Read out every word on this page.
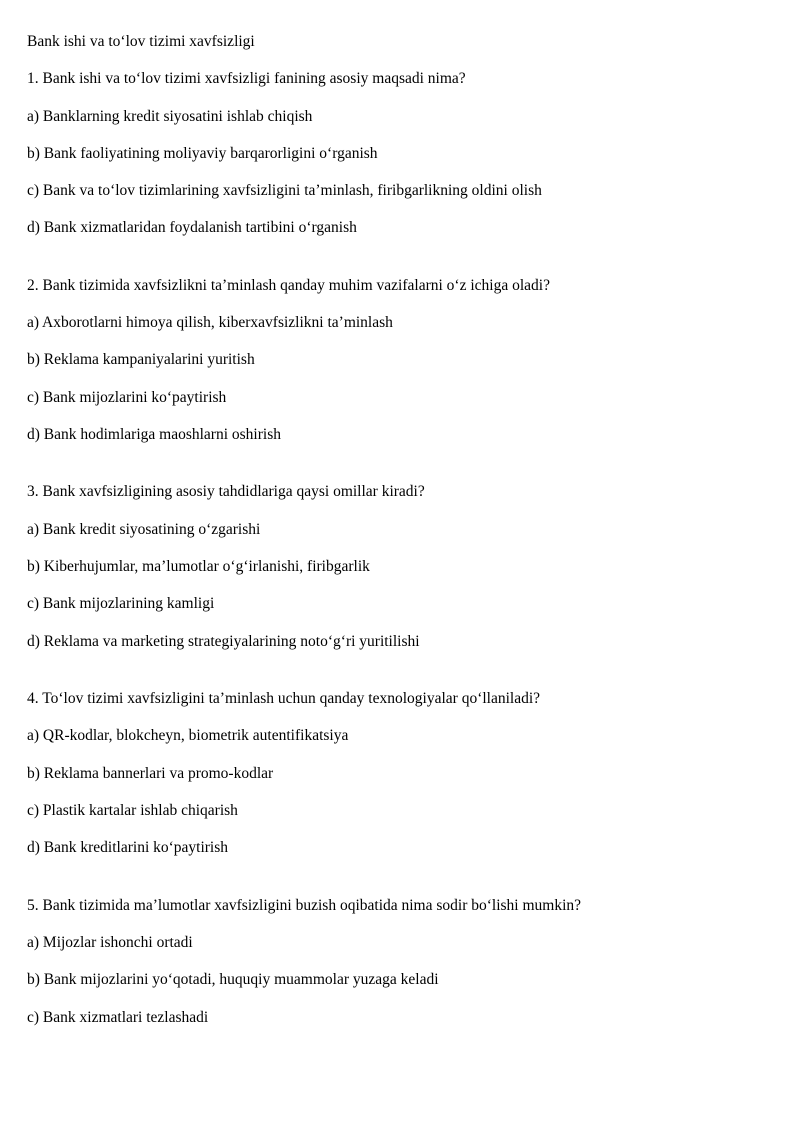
Bank ishi va to‘lov tizimi xavfsizligi
1. Bank ishi va to‘lov tizimi xavfsizligi fanining asosiy maqsadi nima?
a) Banklarning kredit siyosatini ishlab chiqish
b) Bank faoliyatining moliyaviy barqarorligini o‘rganish
c) Bank va to‘lov tizimlarining xavfsizligini ta’minlash, firibgarlikning oldini olish
d) Bank xizmatlaridan foydalanish tartibini o‘rganish
2. Bank tizimida xavfsizlikni ta’minlash qanday muhim vazifalarni o‘z ichiga oladi?
a) Axborotlarni himoya qilish, kiberxavfsizlikni ta’minlash
b) Reklama kampaniyalarini yuritish
c) Bank mijozlarini ko‘paytirish
d) Bank hodimlariga maoshlarni oshirish
3. Bank xavfsizligining asosiy tahdidlariga qaysi omillar kiradi?
a) Bank kredit siyosatining o‘zgarishi
b) Kiberhujumlar, ma’lumotlar o‘g‘irlanishi, firibgarlik
c) Bank mijozlarining kamligi
d) Reklama va marketing strategiyalarining noto‘g‘ri yuritilishi
4. To‘lov tizimi xavfsizligini ta’minlash uchun qanday texnologiyalar qo‘llaniladi?
a) QR-kodlar, blokcheyn, biometrik autentifikatsiya
b) Reklama bannerlari va promo-kodlar
c) Plastik kartalar ishlab chiqarish
d) Bank kreditlarini ko‘paytirish
5. Bank tizimida ma’lumotlar xavfsizligini buzish oqibatida nima sodir bo‘lishi mumkin?
a) Mijozlar ishonchi ortadi
b) Bank mijozlarini yo‘qotadi, huquqiy muammolar yuzaga keladi
c) Bank xizmatlari tezlashadi
